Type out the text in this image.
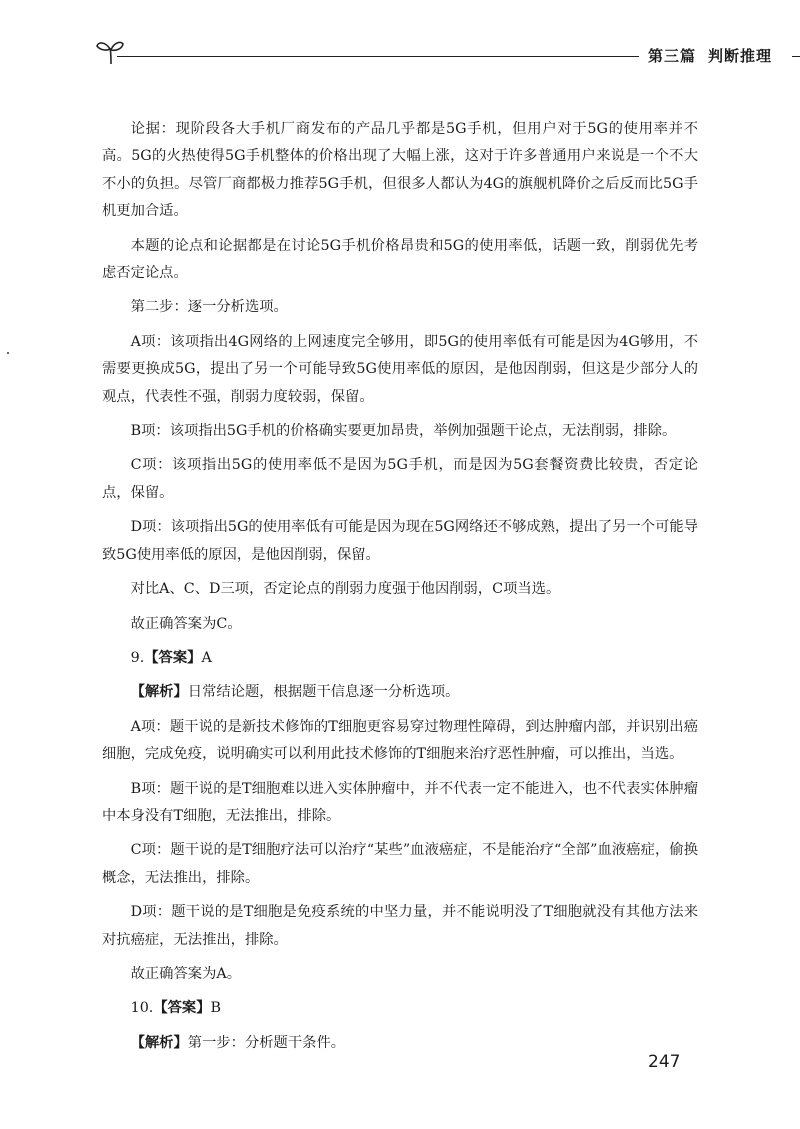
第三篇 判断推理

论据：现阶段各大手机厂商发布的产品几乎都是5G手机，但用户对于5G的使用率并不高。5G的火热使得5G手机整体的价格出现了大幅上涨，这对于许多普通用户来说是一个不大不小的负担。尽管厂商都极力推荐5G手机，但很多人都认为4G的旗舰机降价之后反而比5G手机更加合适。

本题的论点和论据都是在讨论5G手机价格昂贵和5G的使用率低，话题一致，削弱优先考虑否定论点。

第二步：逐一分析选项。

A项：该项指出4G网络的上网速度完全够用，即5G的使用率低有可能是因为4G够用，不需要更换成5G，提出了另一个可能导致5G使用率低的原因，是他因削弱，但这是少部分人的观点，代表性不强，削弱力度较弱，保留。

B项：该项指出5G手机的价格确实要更加昂贵，举例加强题干论点，无法削弱，排除。

C项：该项指出5G的使用率低不是因为5G手机，而是因为5G套餐资费比较贵，否定论点，保留。

D项：该项指出5G的使用率低有可能是因为现在5G网络还不够成熟，提出了另一个可能导致5G使用率低的原因，是他因削弱，保留。

对比A、C、D三项，否定论点的削弱力度强于他因削弱，C项当选。

故正确答案为C。

9.【答案】A

【解析】日常结论题，根据题干信息逐一分析选项。

A项：题干说的是新技术修饰的T细胞更容易穿过物理性障碍，到达肿瘤内部，并识别出癌细胞，完成免疫，说明确实可以利用此技术修饰的T细胞来治疗恶性肿瘤，可以推出，当选。

B项：题干说的是T细胞难以进入实体肿瘤中，并不代表一定不能进入，也不代表实体肿瘤中本身没有T细胞，无法推出，排除。

C项：题干说的是T细胞疗法可以治疗“某些”血液癌症，不是能治疗“全部”血液癌症，偷换概念，无法推出，排除。

D项：题干说的是T细胞是免疫系统的中坚力量，并不能说明没了T细胞就没有其他方法来对抗癌症，无法推出，排除。

故正确答案为A。

10.【答案】B

【解析】第一步：分析题干条件。

247
